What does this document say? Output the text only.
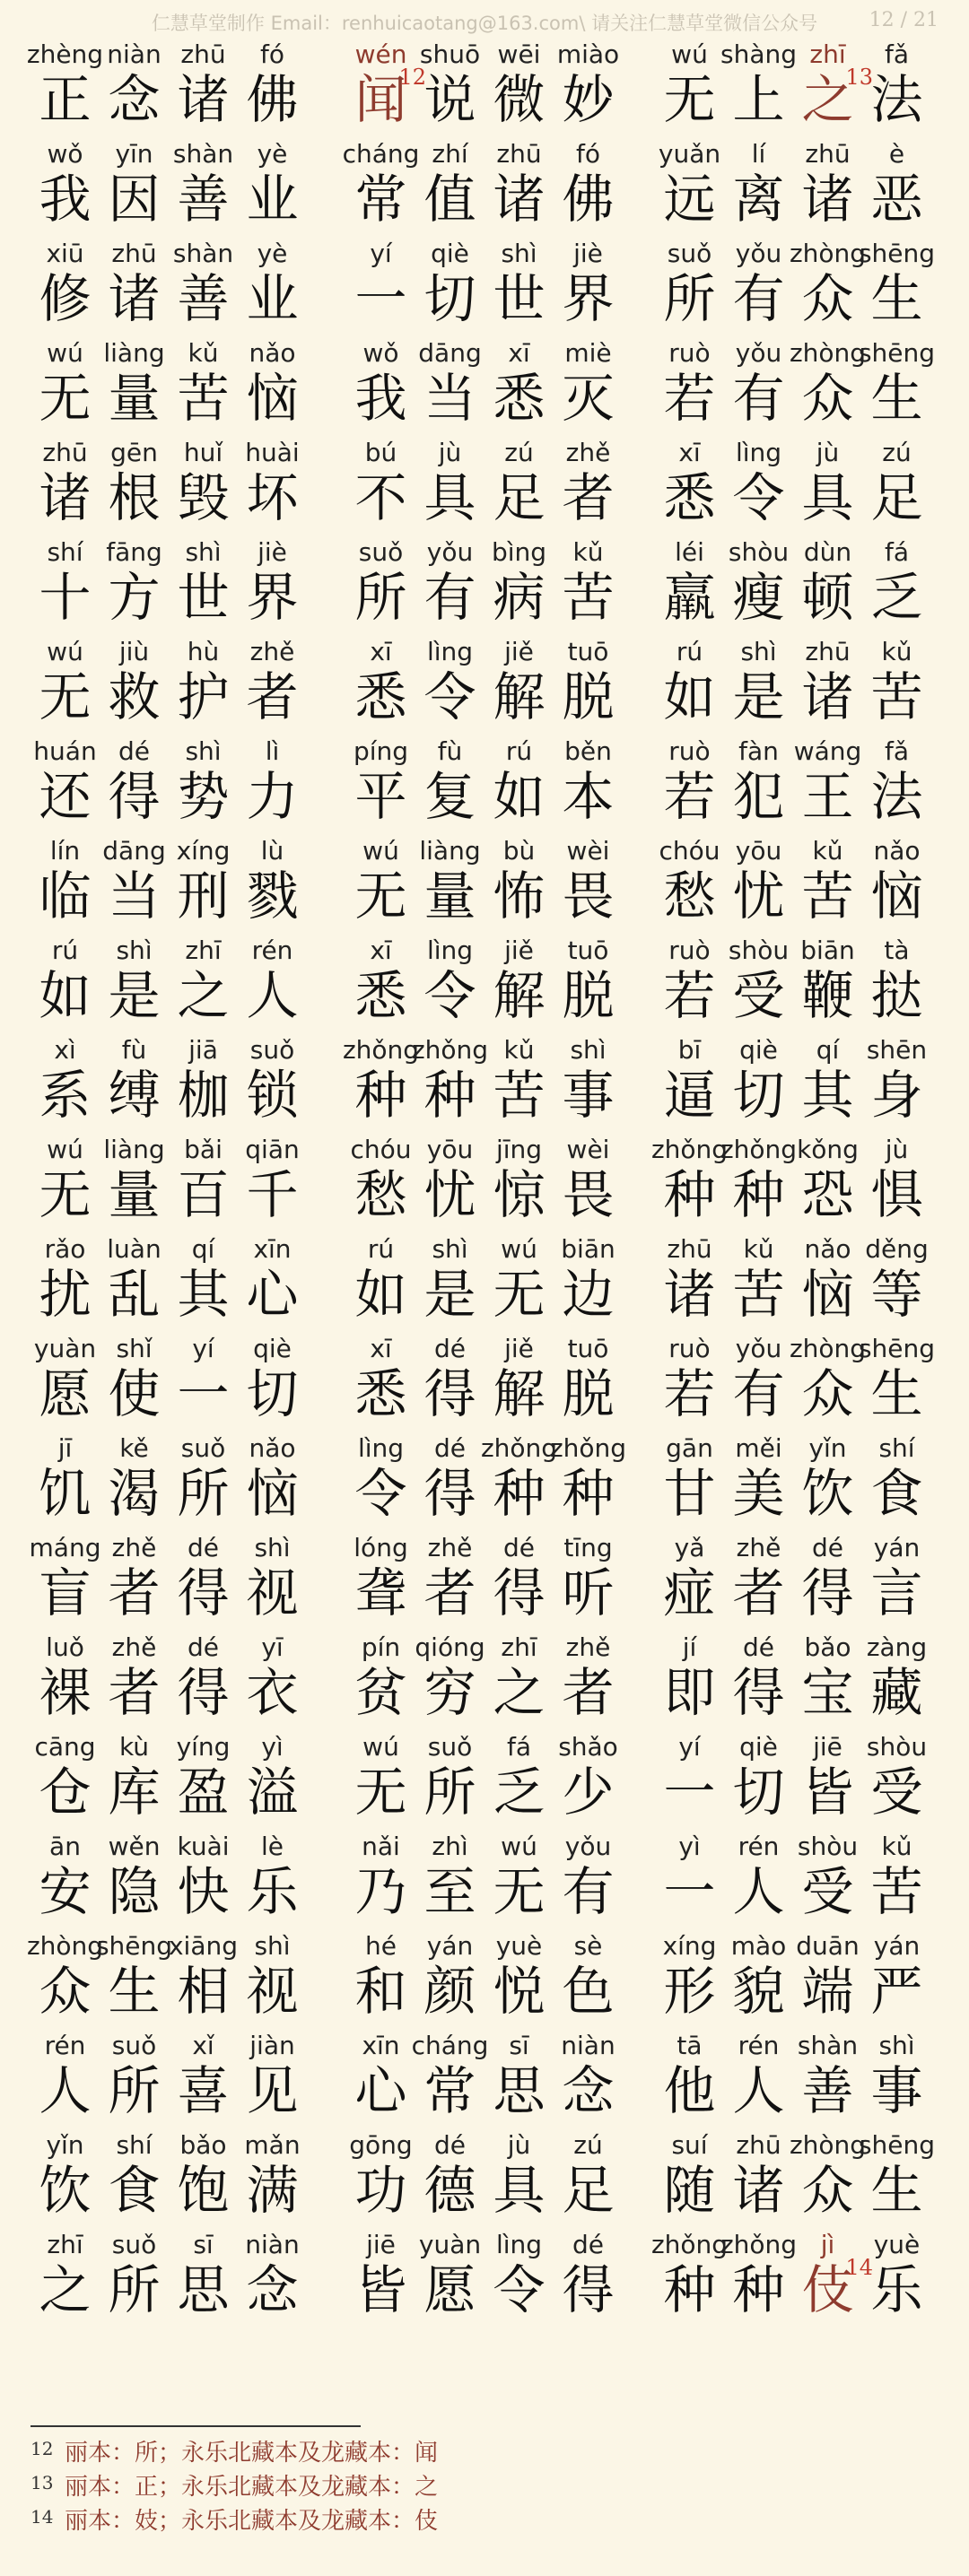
仁慧草堂制作 Email：renhuicaotang@163.com\ 请关注仁慧草堂微信公众号	12 / 21
zhèng
正
niàn
念
zhū
诸
fó
佛
wén
闻
12
shuō
说
wēi
微
miào
妙
wú
无
shàng
上
zhī
之
13
fǎ
法
wǒ
我
yīn
因
shàn
善
yè
业
cháng
常
zhí
值
zhū
诸
fó
佛
yuǎn
远
lí
离
zhū
诸
è
恶
xiū
修
zhū
诸
shàn
善
yè
业
yí
一
qiè
切
shì
世
jiè
界
suǒ
所
yǒu
有
zhòng
众
shēng
生
wú
无
liàng
量
kǔ
苦
nǎo
恼
wǒ
我
dāng
当
xī
悉
miè
灭
ruò
若
yǒu
有
zhòng
众
shēng
生
zhū
诸
gēn
根
huǐ
毁
huài
坏
bú
不
jù
具
zú
足
zhě
者
xī
悉
lìng
令
jù
具
zú
足
shí
十
fāng
方
shì
世
jiè
界
suǒ
所
yǒu
有
bìng
病
kǔ
苦
léi
羸
shòu
瘦
dùn
顿
fá
乏
wú
无
jiù
救
hù
护
zhě
者
xī
悉
lìng
令
jiě
解
tuō
脱
rú
如
shì
是
zhū
诸
kǔ
苦
huán
还
dé
得
shì
势
lì
力
píng
平
fù
复
rú
如
běn
本
ruò
若
fàn
犯
wáng
王
fǎ
法
lín
临
dāng
当
xíng
刑
lù
戮
wú
无
liàng
量
bù
怖
wèi
畏
chóu
愁
yōu
忧
kǔ
苦
nǎo
恼
rú
如
shì
是
zhī
之
rén
人
xī
悉
lìng
令
jiě
解
tuō
脱
ruò
若
shòu
受
biān
鞭
tà
挞
xì
系
fù
缚
jiā
枷
suǒ
锁
zhǒng
种
zhǒng
种
kǔ
苦
shì
事
bī
逼
qiè
切
qí
其
shēn
身
wú
无
liàng
量
bǎi
百
qiān
千
chóu
愁
yōu
忧
jīng
惊
wèi
畏
zhǒng
种
zhǒng
种
kǒng
恐
jù
惧
rǎo
扰
luàn
乱
qí
其
xīn
心
rú
如
shì
是
wú
无
biān
边
zhū
诸
kǔ
苦
nǎo
恼
děng
等
yuàn
愿
shǐ
使
yí
一
qiè
切
xī
悉
dé
得
jiě
解
tuō
脱
ruò
若
yǒu
有
zhòng
众
shēng
生
jī
饥
kě
渴
suǒ
所
nǎo
恼
lìng
令
dé
得
zhǒng
种
zhǒng
种
gān
甘
měi
美
yǐn
饮
shí
食
máng
盲
zhě
者
dé
得
shì
视
lóng
聋
zhě
者
dé
得
tīng
听
yǎ
痖
zhě
者
dé
得
yán
言
luǒ
裸
zhě
者
dé
得
yī
衣
pín
贫
qióng
穷
zhī
之
zhě
者
jí
即
dé
得
bǎo
宝
zàng
藏
cāng
仓
kù
库
yíng
盈
yì
溢
wú
无
suǒ
所
fá
乏
shǎo
少
yí
一
qiè
切
jiē
皆
shòu
受
ān
安
wěn
隐
kuài
快
lè
乐
nǎi
乃
zhì
至
wú
无
yǒu
有
yì
一
rén
人
shòu
受
kǔ
苦
zhòng
众
shēng
生
xiāng
相
shì
视
hé
和
yán
颜
yuè
悦
sè
色
xíng
形
mào
貌
duān
端
yán
严
rén
人
suǒ
所
xǐ
喜
jiàn
见
xīn
心
cháng
常
sī
思
niàn
念
tā
他
rén
人
shàn
善
shì
事
yǐn
饮
shí
食
bǎo
饱
mǎn
满
gōng
功
dé
德
jù
具
zú
足
suí
随
zhū
诸
zhòng
众
shēng
生
zhī
之
suǒ
所
sī
思
niàn
念
jiē
皆
yuàn
愿
lìng
令
dé
得
zhǒng
种
zhǒng
种
jì
伎
14
yuè
乐
12 丽本：所；永乐北藏本及龙藏本：闻
13 丽本：正；永乐北藏本及龙藏本：之
14 丽本：妓；永乐北藏本及龙藏本：伎
